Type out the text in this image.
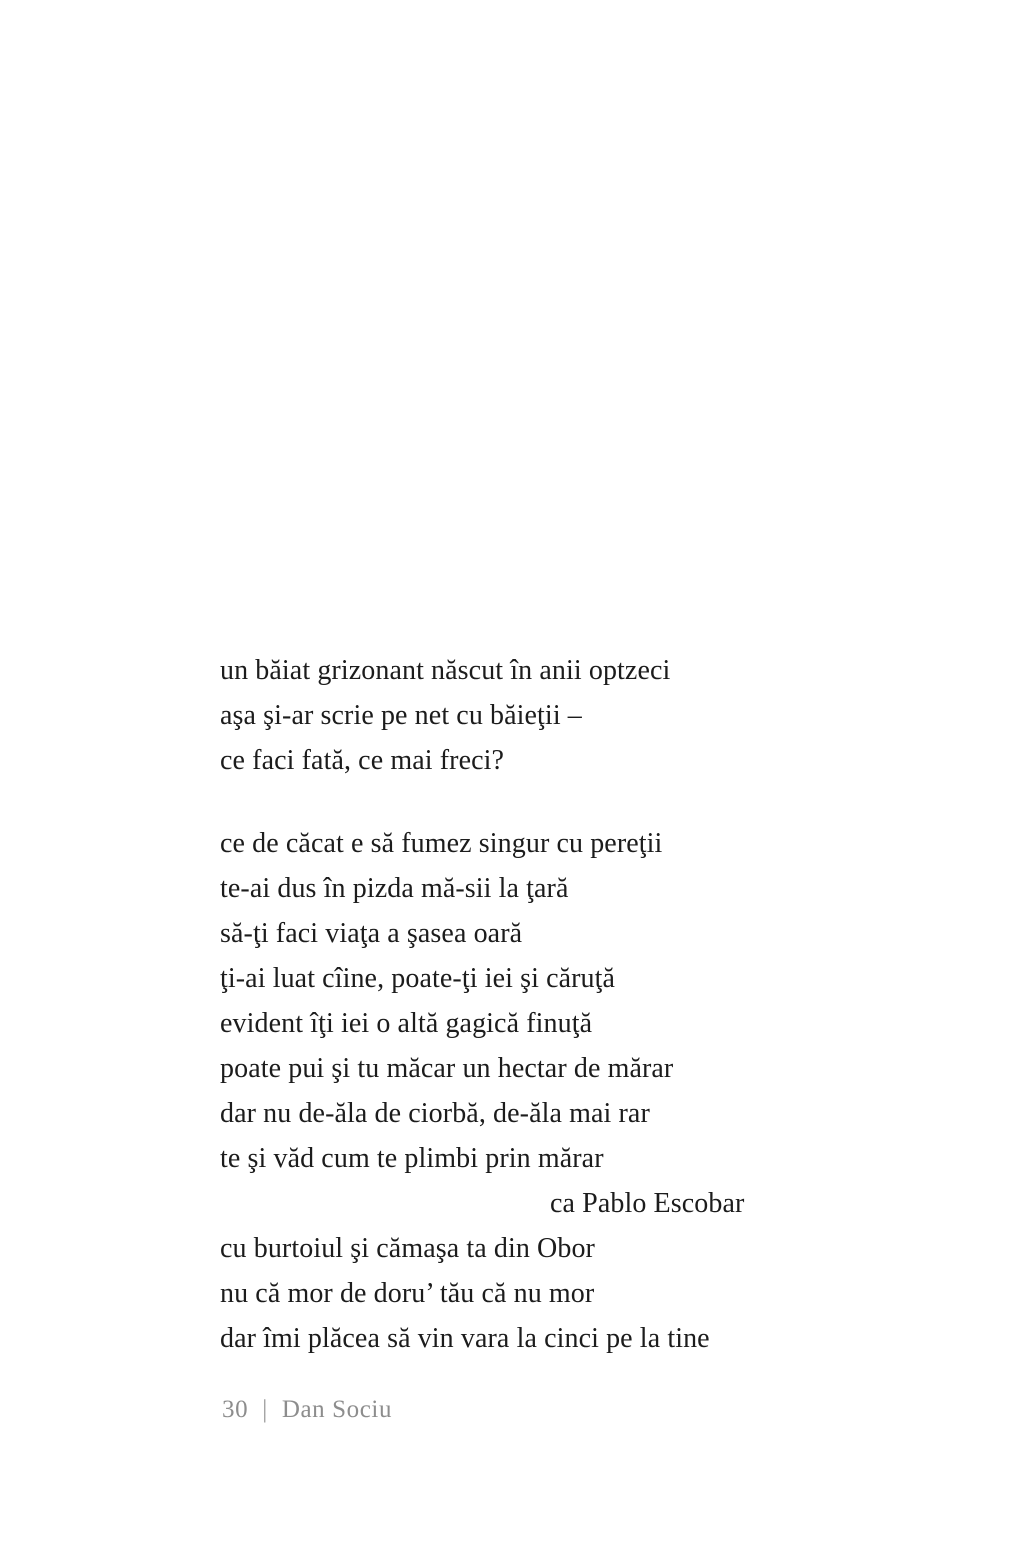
un băiat grizonant născut în anii optzeci
aşa şi-ar scrie pe net cu băieţii –
ce faci fată, ce mai freci?
ce de căcat e să fumez singur cu pereţii
te-ai dus în pizda mă-sii la ţară
să-ţi faci viaţa a şasea oară
ţi-ai luat cîine, poate-ţi iei şi căruţă
evident îţi iei o altă gagică finuţă
poate pui şi tu măcar un hectar de mărar
dar nu de-ăla de ciorbă, de-ăla mai rar
te şi văd cum te plimbi prin mărar
ca Pablo Escobar
cu burtoiul şi cămaşa ta din Obor
nu că mor de doru’ tău că nu mor
dar îmi plăcea să vin vara la cinci pe la tine
30 | Dan Sociu
